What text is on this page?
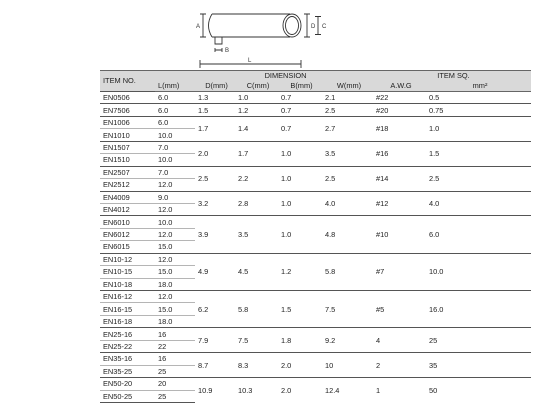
A	D C
B
L
ITEM NO.		DIMENSION				ITEM SQ.	
	L(mm)	D(mm)	C(mm)	B(mm)	W(mm)	A.W.G	mm²
EN0506	6.0	1.3	1.0	0.7	2.1	#22	0.5
EN7506	6.0	1.5	1.2	0.7	2.5	#20	0.75
EN1006	6.0	1.7	1.4	0.7	2.7	#18	1.0
EN1010	10.0						
EN1507	7.0	2.0	1.7	1.0	3.5	#16	1.5
EN1510	10.0						
EN2507	7.0	2.5	2.2	1.0	2.5	#14	2.5
EN2512	12.0						
EN4009	9.0	3.2	2.8	1.0	4.0	#12	4.0
EN4012	12.0						
EN6010	10.0	3.9	3.5	1.0	4.8	#10	6.0
EN6012	12.0						
EN6015	15.0						
EN10-12	12.0	4.9	4.5	1.2	5.8	#7	10.0
EN10-15	15.0						
EN10-18	18.0						
EN16-12	12.0	6.2	5.8	1.5	7.5	#5	16.0
EN16-15	15.0						
EN16-18	18.0						
EN25-16	16	7.9	7.5	1.8	9.2	4	25
EN25-22	22						
EN35-16	16	8.7	8.3	2.0	10	2	35
EN35-25	25						
EN50-20	20	10.9	10.3	2.0	12.4	1	50
EN50-25	25						
